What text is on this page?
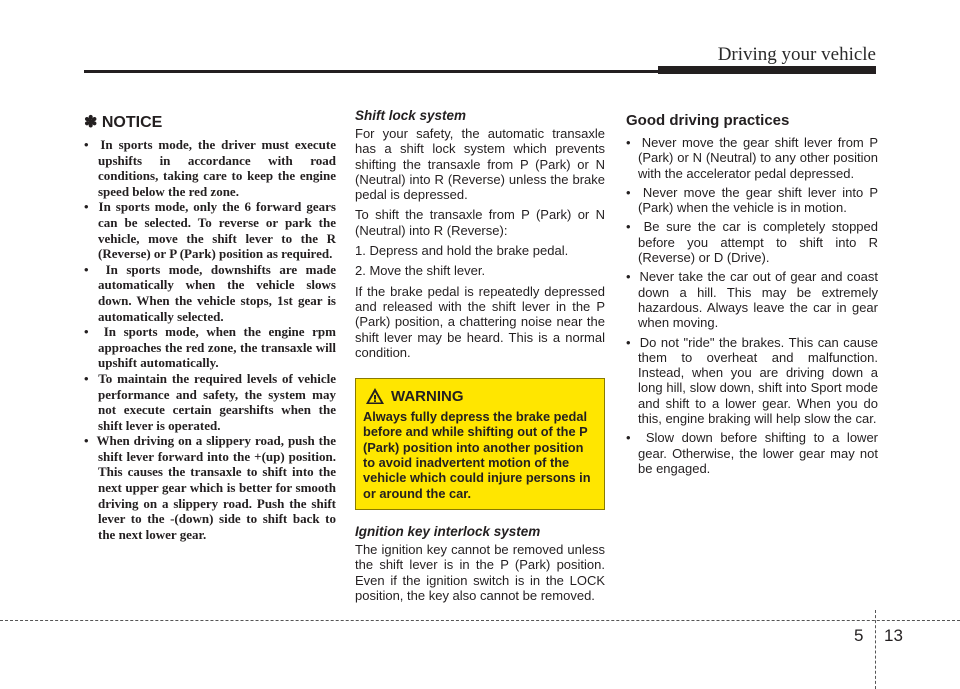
Driving your vehicle
✽ NOTICE
•  In sports mode, the driver must execute upshifts in accordance with road conditions, taking care to keep the engine speed below the red zone.
•  In sports mode, only the 6 forward gears can be selected. To reverse or park the vehicle, move the shift lever to the R (Reverse) or P (Park) position as required.
•  In sports mode, downshifts are made automatically when the vehicle slows down. When the vehicle stops, 1st gear is automatically selected.
•  In sports mode, when the engine rpm approaches the red zone, the transaxle will upshift automatically.
•  To maintain the required levels of vehicle performance and safety, the system may not execute certain gearshifts when the shift lever is operated.
•  When driving on a slippery road, push the shift lever forward into the +(up) position. This causes the transaxle to shift into the next upper gear which is better for smooth driving on a slippery road. Push the shift lever to the -(down) side to shift back to the next lower gear.
Shift lock system

For your safety, the automatic transaxle has a shift lock system which prevents shifting the transaxle from P (Park) or N (Neutral) into R (Reverse) unless the brake pedal is depressed.

To shift the transaxle from P (Park) or N (Neutral) into R (Reverse):

1. Depress and hold the brake pedal.

2. Move the shift lever.

If the brake pedal is repeatedly depressed and released with the shift lever in the P (Park) position, a chattering noise near the shift lever may be heard. This is a normal condition.

WARNING

Always fully depress the brake pedal before and while shifting out of the P (Park) position into another position to avoid inadvertent motion of the vehicle which could injure persons in or around the car.

Ignition key interlock system

The ignition key cannot be removed unless the shift lever is in the P (Park) position. Even if the ignition switch is in the LOCK position, the key also cannot be removed.

Good driving practices
•  Never move the gear shift lever from P (Park) or N (Neutral) to any other position with the accelerator pedal depressed.
•  Never move the gear shift lever into P (Park) when the vehicle is in motion.
•  Be sure the car is completely stopped before you attempt to shift into R (Reverse) or D (Drive).
•  Never take the car out of gear and coast down a hill. This may be extremely hazardous. Always leave the car in gear when moving.
•  Do not "ride" the brakes. This can cause them to overheat and malfunction. Instead, when you are driving down a long hill, slow down, shift into Sport mode and shift to a lower gear. When you do this, engine braking will help slow the car.
•  Slow down before shifting to a lower gear. Otherwise, the lower gear may not be engaged.
5 13
